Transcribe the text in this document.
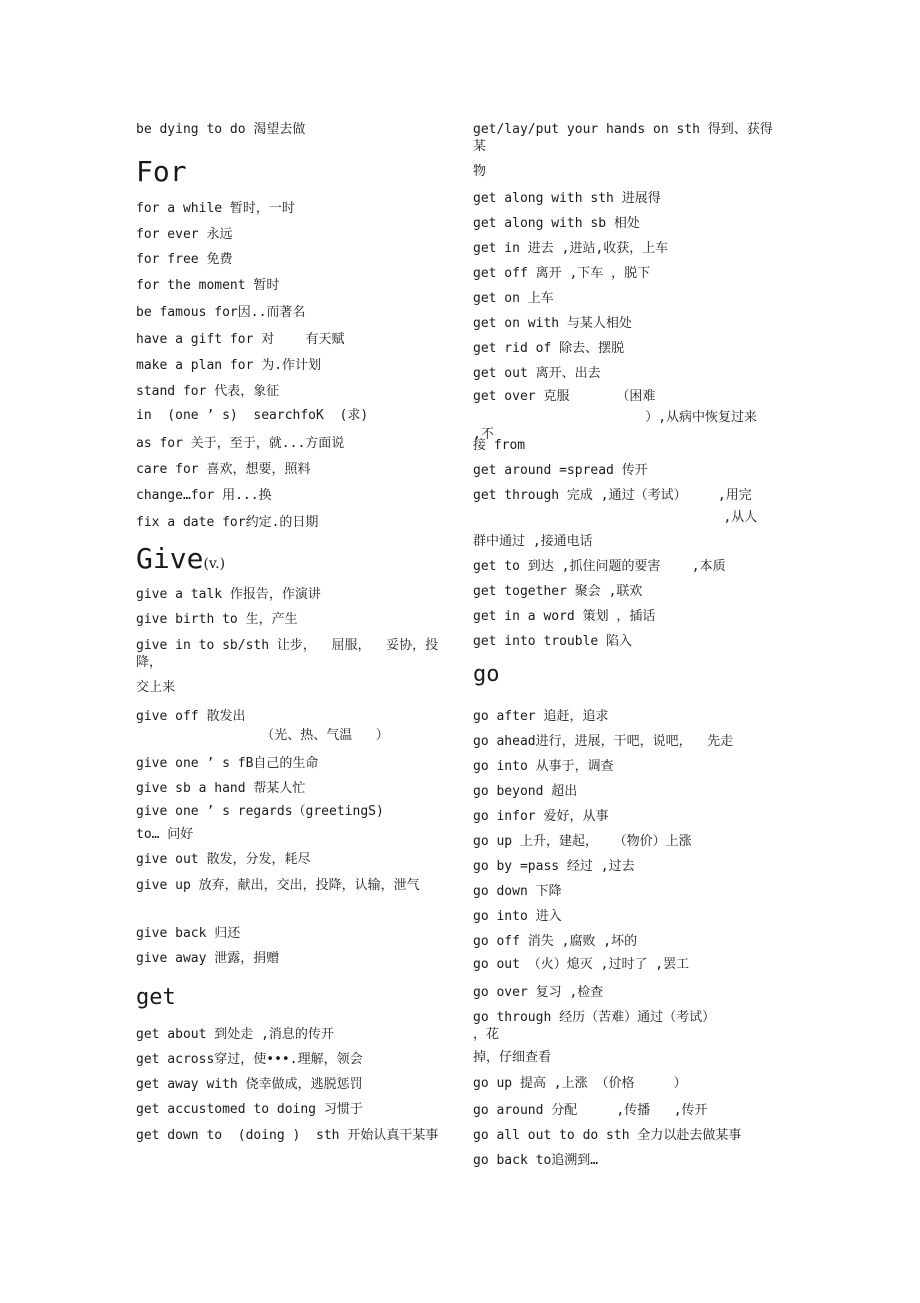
be dying to do 渴望去做
For
for a while 暂时，一时
for ever 永远
for free 免费
for the moment 暂时
be famous for因..而著名
have a gift for 对    有天赋
make a plan for 为.作计划
stand for 代表，象征
in  (one ’ s)  searchfoK  (求)
as for 关于，至于，就...方面说
care for 喜欢，想要，照料
change…for 用...换
fix a date for约定.的日期
Give(v.)
give a talk 作报告，作演讲
give birth to 生，产生
give in to sb/sth 让步，  屈服，  妥协，投降，
交上来
give off 散发出
（光、热、气温   ）
give one ’ s fB自己的生命
give sb a hand 帮某人忙
give one ’ s regards（greetingS)
to… 问好
give out 散发，分发，耗尽
give up 放弃，献出，交出，投降，认输，泄气
give back 归还
give away 泄露，捐赠
get
get about 到处走 ,消息的传开
get across穿过，使•••.理解，领会
get away with 侥幸做成，逃脱惩罚
get accustomed to doing 习惯于
get down to  (doing )  sth 开始认真干某事
get/lay/put your hands on sth 得到、获得某
物
get along with sth 进展得
get along with sb 相处
get in 进去 ,进站,收获，上车
get off 离开 ,下车 ，脱下
get on 上车
get on with 与某人相处
get rid of 除去、摆脱
get out 离开、出去
get over 克服      （困难
）,从病中恢复过来      ,不
接 from
get around =spread 传开
get through 完成 ,通过（考试）    ,用完
,从人
群中通过 ,接通电话
get to 到达 ,抓住问题的要害    ,本质
get together 聚会 ,联欢
get in a word 策划 ，插话
get into trouble 陷入
go
go after 追赶，追求
go ahead进行，进展，干吧，说吧，  先走
go into 从事于，调查
go beyond 超出
go infor 爱好，从事
go up 上升，建起，  （物价）上涨
go by =pass 经过 ,过去
go down 下降
go into 进入
go off 消失 ,腐败 ,坏的
go out （火）熄灭 ,过时了 ,罢工
go over 复习 ,检查
go through 经历（苦难）通过（考试）
，花
掉，仔细查看
go up 提高 ,上涨 （价格     ）
go around 分配     ,传播   ,传开
go all out to do sth 全力以赴去做某事
go back to追溯到…
